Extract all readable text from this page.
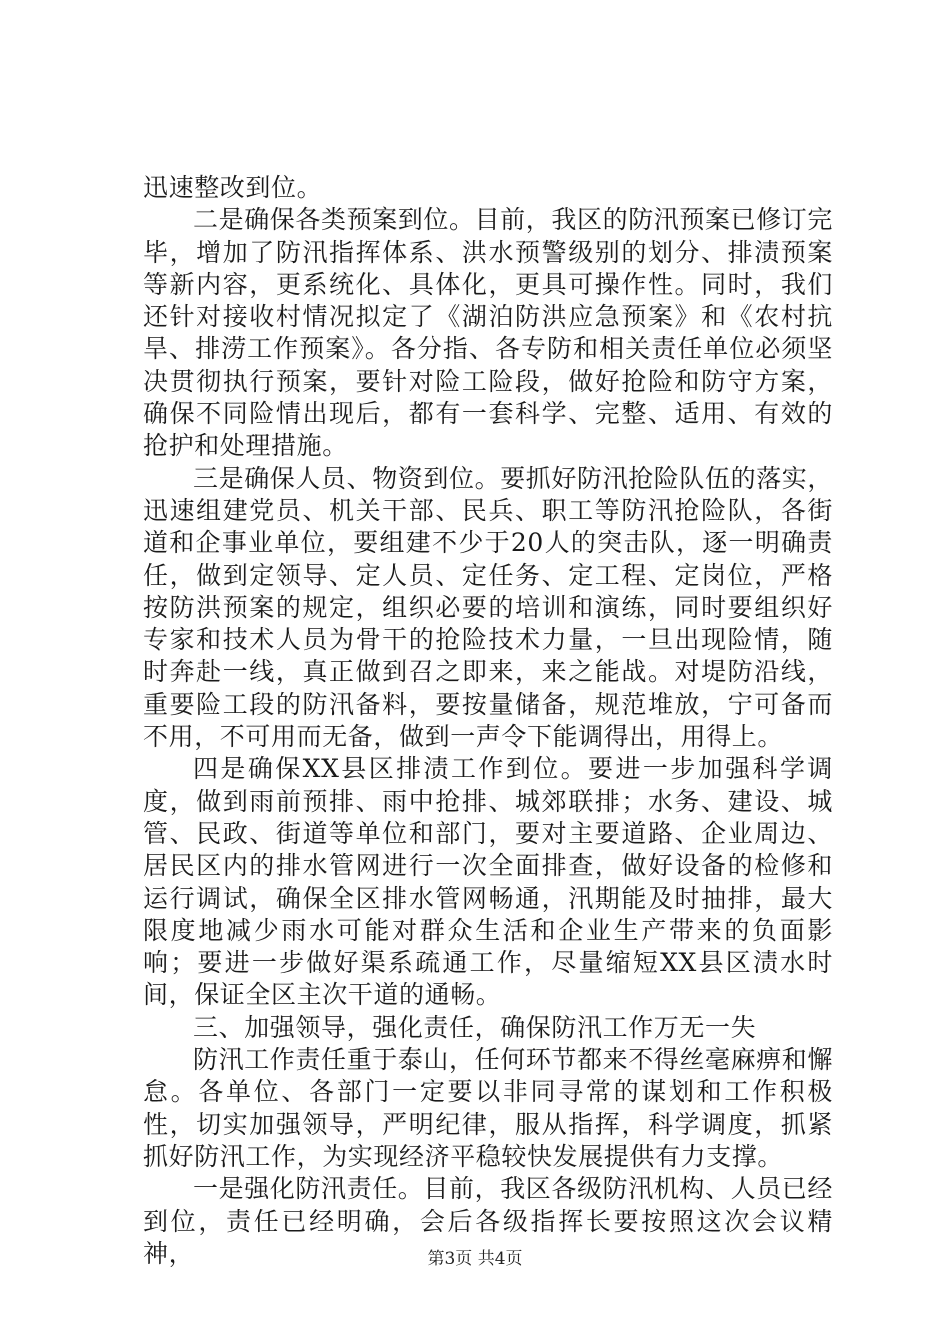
迅速整改到位。

二是确保各类预案到位。目前，我区的防汛预案已修订完毕，增加了防汛指挥体系、洪水预警级别的划分、排渍预案等新内容，更系统化、具体化，更具可操作性。同时，我们还针对接收村情况拟定了《湖泊防洪应急预案》和《农村抗旱、排涝工作预案》。各分指、各专防和相关责任单位必须坚决贯彻执行预案，要针对险工险段，做好抢险和防守方案，确保不同险情出现后，都有一套科学、完整、适用、有效的抢护和处理措施。

三是确保人员、物资到位。要抓好防汛抢险队伍的落实，迅速组建党员、机关干部、民兵、职工等防汛抢险队，各街道和企事业单位，要组建不少于20人的突击队，逐一明确责任，做到定领导、定人员、定任务、定工程、定岗位，严格按防洪预案的规定，组织必要的培训和演练，同时要组织好专家和技术人员为骨干的抢险技术力量，一旦出现险情，随时奔赴一线，真正做到召之即来，来之能战。对堤防沿线，重要险工段的防汛备料，要按量储备，规范堆放，宁可备而不用，不可用而无备，做到一声令下能调得出，用得上。

四是确保XX县区排渍工作到位。要进一步加强科学调度，做到雨前预排、雨中抢排、城郊联排；水务、建设、城管、民政、街道等单位和部门，要对主要道路、企业周边、居民区内的排水管网进行一次全面排查，做好设备的检修和运行调试，确保全区排水管网畅通，汛期能及时抽排，最大限度地减少雨水可能对群众生活和企业生产带来的负面影响；要进一步做好渠系疏通工作，尽量缩短XX县区渍水时间，保证全区主次干道的通畅。

三、加强领导，强化责任，确保防汛工作万无一失

防汛工作责任重于泰山，任何环节都来不得丝毫麻痹和懈怠。各单位、各部门一定要以非同寻常的谋划和工作积极性，切实加强领导，严明纪律，服从指挥，科学调度，抓紧抓好防汛工作，为实现经济平稳较快发展提供有力支撑。

一是强化防汛责任。目前，我区各级防汛机构、人员已经到位，责任已经明确，会后各级指挥长要按照这次会议精神，	第3页 共4页
